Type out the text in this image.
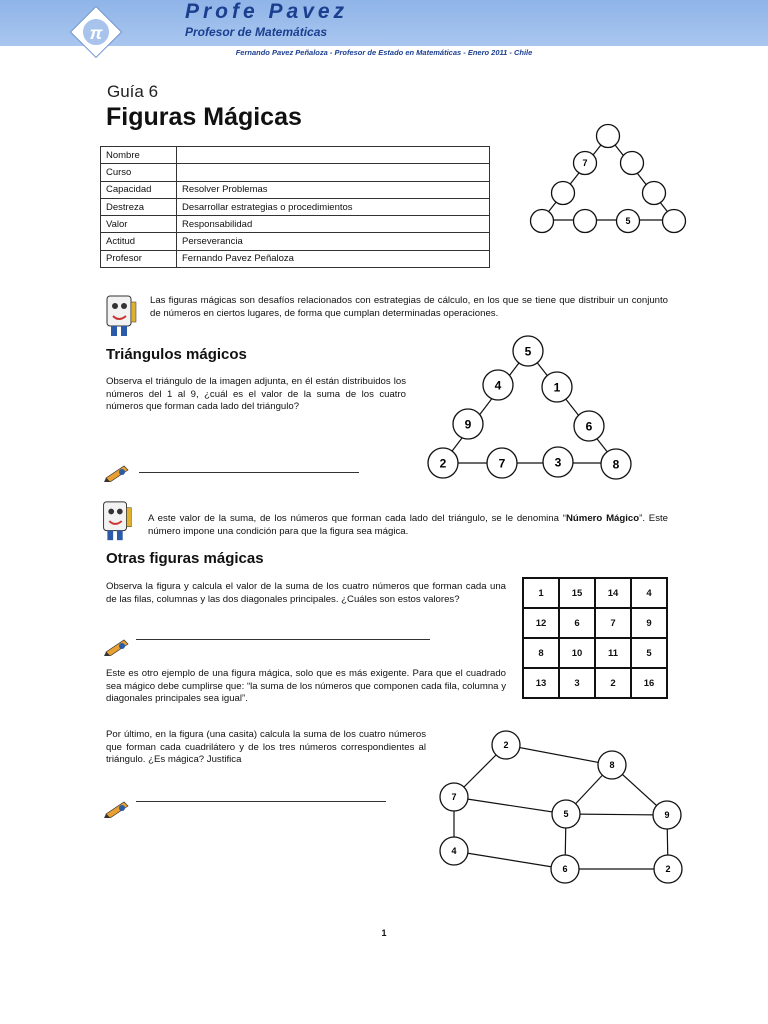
π
Profe Pavez
Profesor de Matemáticas
Fernando Pavez Peñaloza - Profesor de Estado en Matemáticas - Enero 2011 - Chile
Guía 6
Figuras Mágicas
Nombre	
Curso	
Capacidad	Resolver Problemas
Destreza	Desarrollar estrategias o procedimientos
Valor	Responsabilidad
Actitud	Perseverancia
Profesor	Fernando Pavez Peñaloza
7
5
Las figuras mágicas son desafíos relacionados con estrategias de cálculo, en los que se tiene que distribuir un conjunto de números en ciertos lugares, de forma que cumplan determinadas operaciones.
Triángulos mágicos
Observa el triángulo de la imagen adjunta, en él están distribuidos los números del 1 al 9, ¿cuál es el valor de la suma de los cuatro números que forman cada lado del triángulo?
5
4	1
9	6
2	7	3	8
A este valor de la suma, de los números que forman cada lado del triángulo, se le denomina “Número Mágico”. Este número impone una condición para que la figura sea mágica.
Otras figuras mágicas
Observa la figura y calcula el valor de la suma de los cuatro números que forman cada una de las filas, columnas y las dos diagonales principales. ¿Cuáles son estos valores?
Este es otro ejemplo de una figura mágica, solo que es más exigente. Para que el cuadrado sea mágico debe cumplirse que: “la suma de los números que componen cada fila, columna y diagonales principales sea igual”.
1	15	14	4
12	6	7	9
8	10	11	5
13	3	2	16
Por último, en la figura (una casita) calcula la suma de los cuatro números que forman cada cuadrilátero y de los tres números correspondientes al triángulo. ¿Es mágica? Justifica
2
8
7
5	9
4
6	2
1
